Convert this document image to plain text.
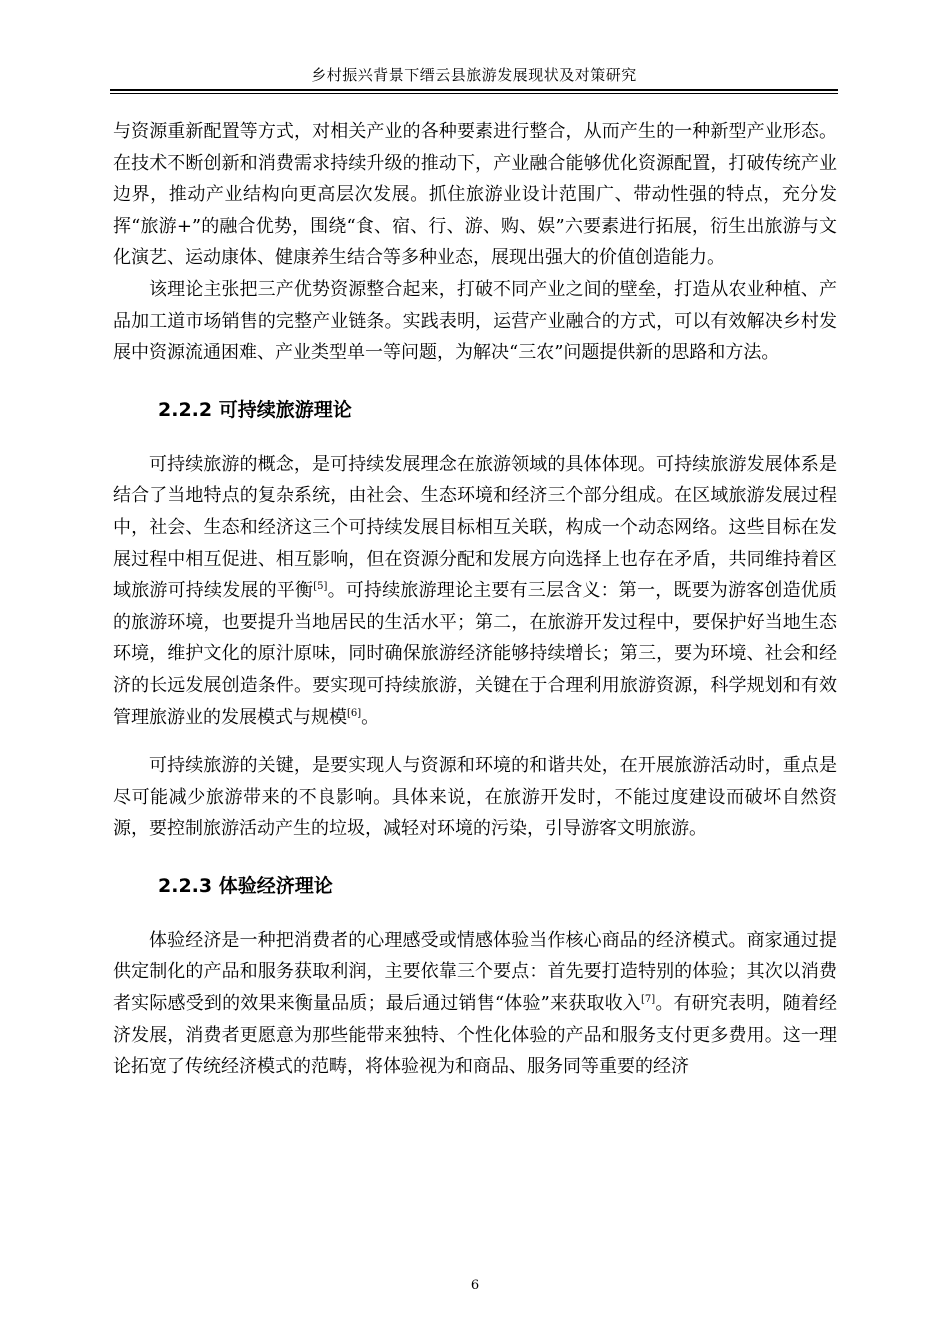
乡村振兴背景下缙云县旅游发展现状及对策研究

与资源重新配置等方式，对相关产业的各种要素进行整合，从而产生的一种新型产业形态。在技术不断创新和消费需求持续升级的推动下，产业融合能够优化资源配置，打破传统产业边界，推动产业结构向更高层次发展。抓住旅游业设计范围广、带动性强的特点，充分发挥“旅游+”的融合优势，围绕“食、宿、行、游、购、娱”六要素进行拓展，衍生出旅游与文化演艺、运动康体、健康养生结合等多种业态，展现出强大的价值创造能力。

该理论主张把三产优势资源整合起来，打破不同产业之间的壁垒，打造从农业种植、产品加工道市场销售的完整产业链条。实践表明，运营产业融合的方式，可以有效解决乡村发展中资源流通困难、产业类型单一等问题，为解决“三农”问题提供新的思路和方法。

2.2.2 可持续旅游理论

可持续旅游的概念，是可持续发展理念在旅游领域的具体体现。可持续旅游发展体系是结合了当地特点的复杂系统，由社会、生态环境和经济三个部分组成。在区域旅游发展过程中，社会、生态和经济这三个可持续发展目标相互关联，构成一个动态网络。这些目标在发展过程中相互促进、相互影响，但在资源分配和发展方向选择上也存在矛盾，共同维持着区域旅游可持续发展的平衡[5]。可持续旅游理论主要有三层含义：第一，既要为游客创造优质的旅游环境，也要提升当地居民的生活水平；第二，在旅游开发过程中，要保护好当地生态环境，维护文化的原汁原味，同时确保旅游经济能够持续增长；第三，要为环境、社会和经济的长远发展创造条件。要实现可持续旅游，关键在于合理利用旅游资源，科学规划和有效管理旅游业的发展模式与规模[6]。

可持续旅游的关键，是要实现人与资源和环境的和谐共处，在开展旅游活动时，重点是尽可能减少旅游带来的不良影响。具体来说，在旅游开发时，不能过度建设而破坏自然资源，要控制旅游活动产生的垃圾，减轻对环境的污染，引导游客文明旅游。

2.2.3 体验经济理论

体验经济是一种把消费者的心理感受或情感体验当作核心商品的经济模式。商家通过提供定制化的产品和服务获取利润，主要依靠三个要点：首先要打造特别的体验；其次以消费者实际感受到的效果来衡量品质；最后通过销售“体验”来获取收入[7]。有研究表明，随着经济发展，消费者更愿意为那些能带来独特、个性化体验的产品和服务支付更多费用。这一理论拓宽了传统经济模式的范畴，将体验视为和商品、服务同等重要的经济

6
